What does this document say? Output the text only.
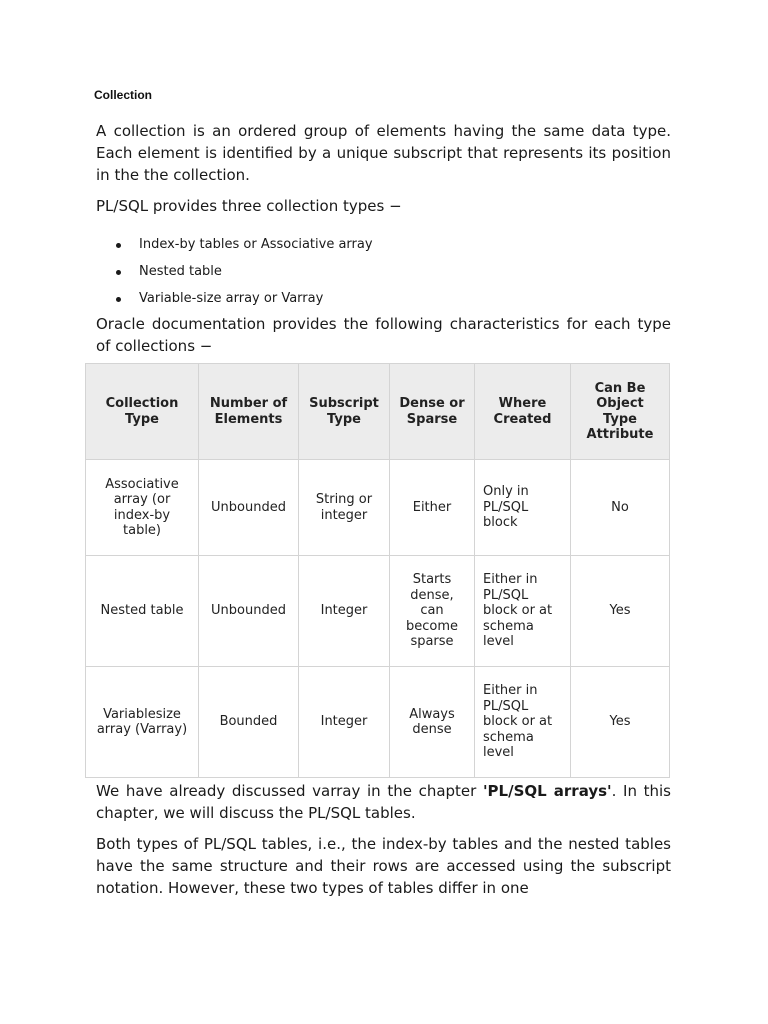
Collection
A collection is an ordered group of elements having the same data type. Each element is identified by a unique subscript that represents its position in the the collection.
PL/SQL provides three collection types −
Index-by tables or Associative array
Nested table
Variable-size array or Varray
Oracle documentation provides the following characteristics for each type of collections −
Collection Type	Number of Elements	Subscript Type	Dense or Sparse	Where Created	Can Be Object Type Attribute
Associative array (or index-by table)	Unbounded	String or integer	Either	Only in PL/SQL block	No
Nested table	Unbounded	Integer	Starts dense, can become sparse	Either in PL/SQL block or at schema level	Yes
Variablesize array (Varray)	Bounded	Integer	Always dense	Either in PL/SQL block or at schema level	Yes
We have already discussed varray in the chapter 'PL/SQL arrays'. In this chapter, we will discuss the PL/SQL tables.
Both types of PL/SQL tables, i.e., the index-by tables and the nested tables have the same structure and their rows are accessed using the subscript notation. However, these two types of tables differ in one
